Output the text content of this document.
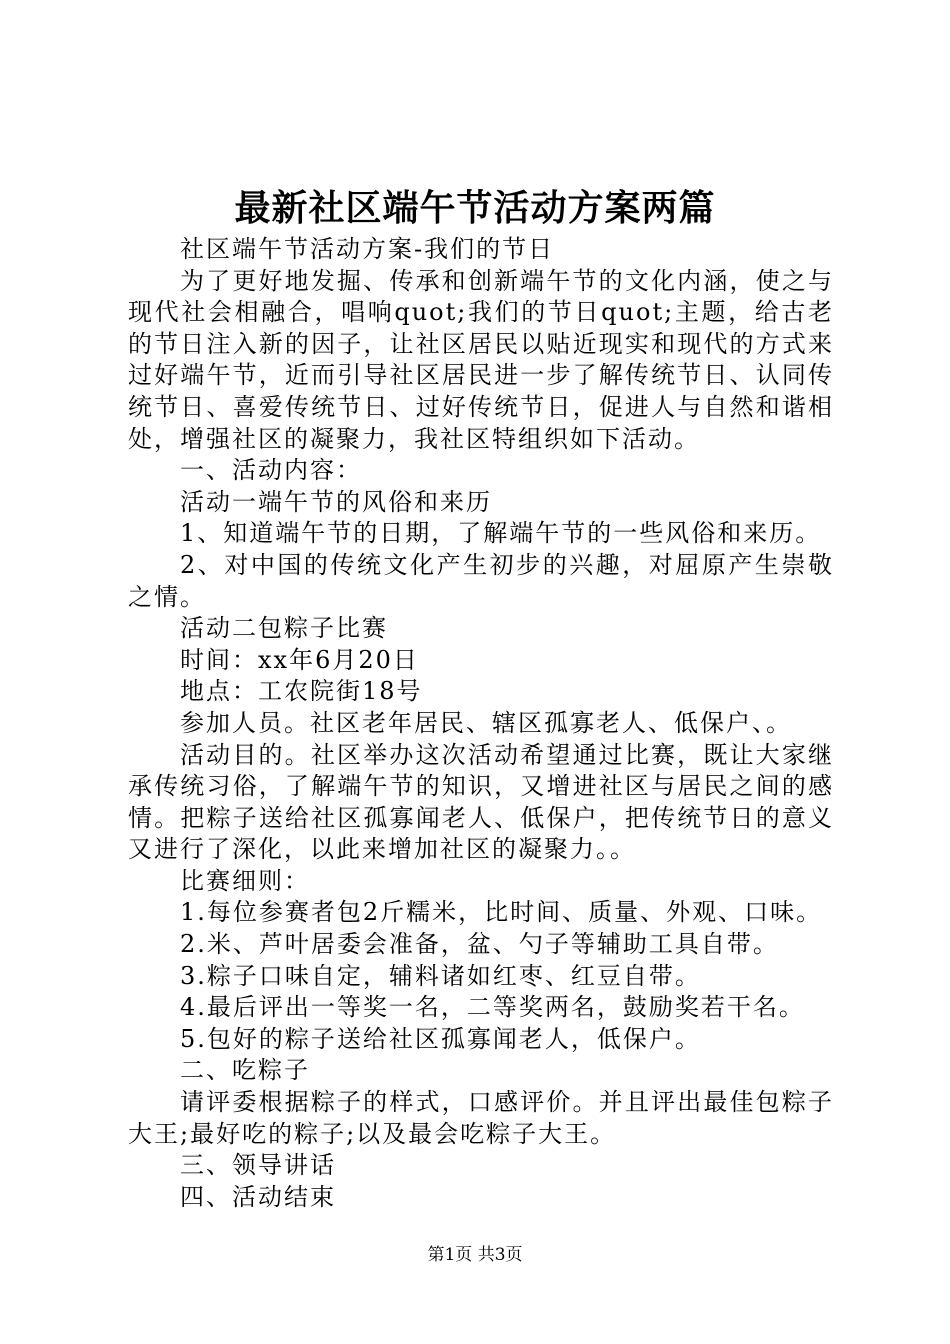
最新社区端午节活动方案两篇

社区端午节活动方案-我们的节日

为了更好地发掘、传承和创新端午节的文化内涵，使之与现代社会相融合，唱响quot;我们的节日quot;主题，给古老的节日注入新的因子，让社区居民以贴近现实和现代的方式来过好端午节，近而引导社区居民进一步了解传统节日、认同传统节日、喜爱传统节日、过好传统节日，促进人与自然和谐相处，增强社区的凝聚力，我社区特组织如下活动。

一、活动内容：

活动一端午节的风俗和来历

1、知道端午节的日期，了解端午节的一些风俗和来历。

2、对中国的传统文化产生初步的兴趣，对屈原产生崇敬之情。

活动二包粽子比赛

时间：xx年6月20日

地点：工农院街18号

参加人员。社区老年居民、辖区孤寡老人、低保户、。

活动目的。社区举办这次活动希望通过比赛，既让大家继承传统习俗，了解端午节的知识，又增进社区与居民之间的感情。把粽子送给社区孤寡闻老人、低保户，把传统节日的意义又进行了深化，以此来增加社区的凝聚力。。

比赛细则：

1.每位参赛者包2斤糯米，比时间、质量、外观、口味。

2.米、芦叶居委会准备，盆、勺子等辅助工具自带。

3.粽子口味自定，辅料诸如红枣、红豆自带。

4.最后评出一等奖一名，二等奖两名，鼓励奖若干名。

5.包好的粽子送给社区孤寡闻老人，低保户。

二、吃粽子

请评委根据粽子的样式，口感评价。并且评出最佳包粽子大王;最好吃的粽子;以及最会吃粽子大王。

三、领导讲话

四、活动结束

第1页 共3页
